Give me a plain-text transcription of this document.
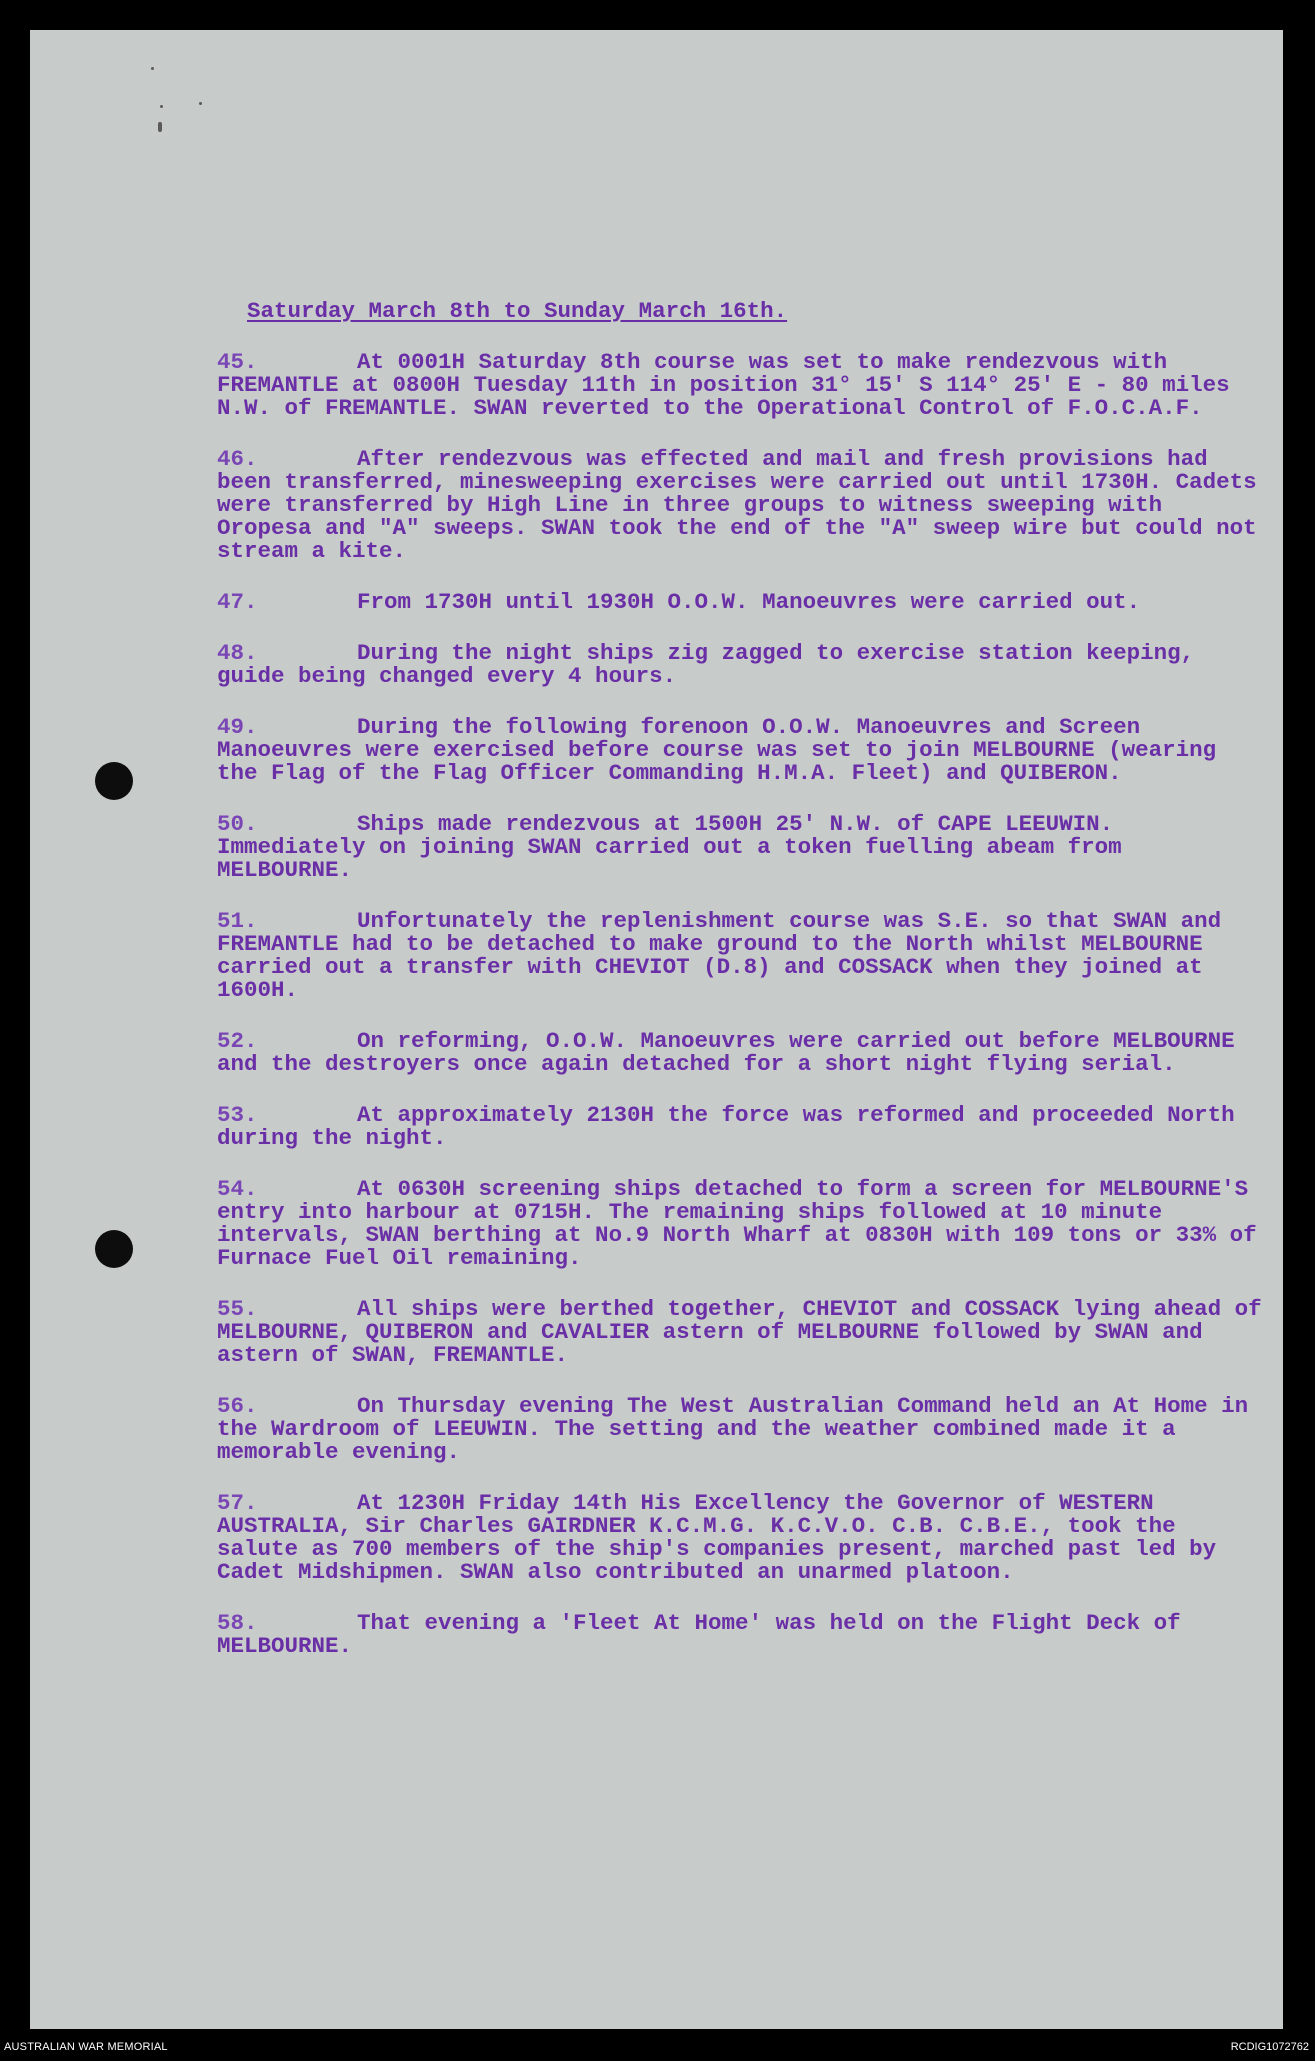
Saturday March 8th to Sunday March 16th.
45.	At 0001H Saturday 8th course was set to make rendezvous with FREMANTLE at 0800H Tuesday 11th in position 31° 15' S 114° 25' E - 80 miles N.W. of FREMANTLE. SWAN reverted to the Operational Control of F.O.C.A.F.
46.	After rendezvous was effected and mail and fresh provisions had been transferred, minesweeping exercises were carried out until 1730H. Cadets were transferred by High Line in three groups to witness sweeping with Oropesa and "A" sweeps. SWAN took the end of the "A" sweep wire but could not stream a kite.
47.	From 1730H until 1930H O.O.W. Manoeuvres were carried out.
48.	During the night ships zig zagged to exercise station keeping, guide being changed every 4 hours.
49.	During the following forenoon O.O.W. Manoeuvres and Screen Manoeuvres were exercised before course was set to join MELBOURNE (wearing the Flag of the Flag Officer Commanding H.M.A. Fleet) and QUIBERON.
50.	Ships made rendezvous at 1500H 25' N.W. of CAPE LEEUWIN. Immediately on joining SWAN carried out a token fuelling abeam from MELBOURNE.
51.	Unfortunately the replenishment course was S.E. so that SWAN and FREMANTLE had to be detached to make ground to the North whilst MELBOURNE carried out a transfer with CHEVIOT (D.8) and COSSACK when they joined at 1600H.
52.	On reforming, O.O.W. Manoeuvres were carried out before MELBOURNE and the destroyers once again detached for a short night flying serial.
53.	At approximately 2130H the force was reformed and proceeded North during the night.
54.	At 0630H screening ships detached to form a screen for MELBOURNE'S entry into harbour at 0715H. The remaining ships followed at 10 minute intervals, SWAN berthing at No.9 North Wharf at 0830H with 109 tons or 33% of Furnace Fuel Oil remaining.
55.	All ships were berthed together, CHEVIOT and COSSACK lying ahead of MELBOURNE, QUIBERON and CAVALIER astern of MELBOURNE followed by SWAN and astern of SWAN, FREMANTLE.
56.	On Thursday evening The West Australian Command held an At Home in the Wardroom of LEEUWIN. The setting and the weather combined made it a memorable evening.
57.	At 1230H Friday 14th His Excellency the Governor of WESTERN AUSTRALIA, Sir Charles GAIRDNER K.C.M.G. K.C.V.O. C.B. C.B.E., took the salute as 700 members of the ship's companies present, marched past led by Cadet Midshipmen. SWAN also contributed an unarmed platoon.
58.	That evening a 'Fleet At Home' was held on the Flight Deck of MELBOURNE.
AUSTRALIAN WAR MEMORIAL	RCDIG1072762
